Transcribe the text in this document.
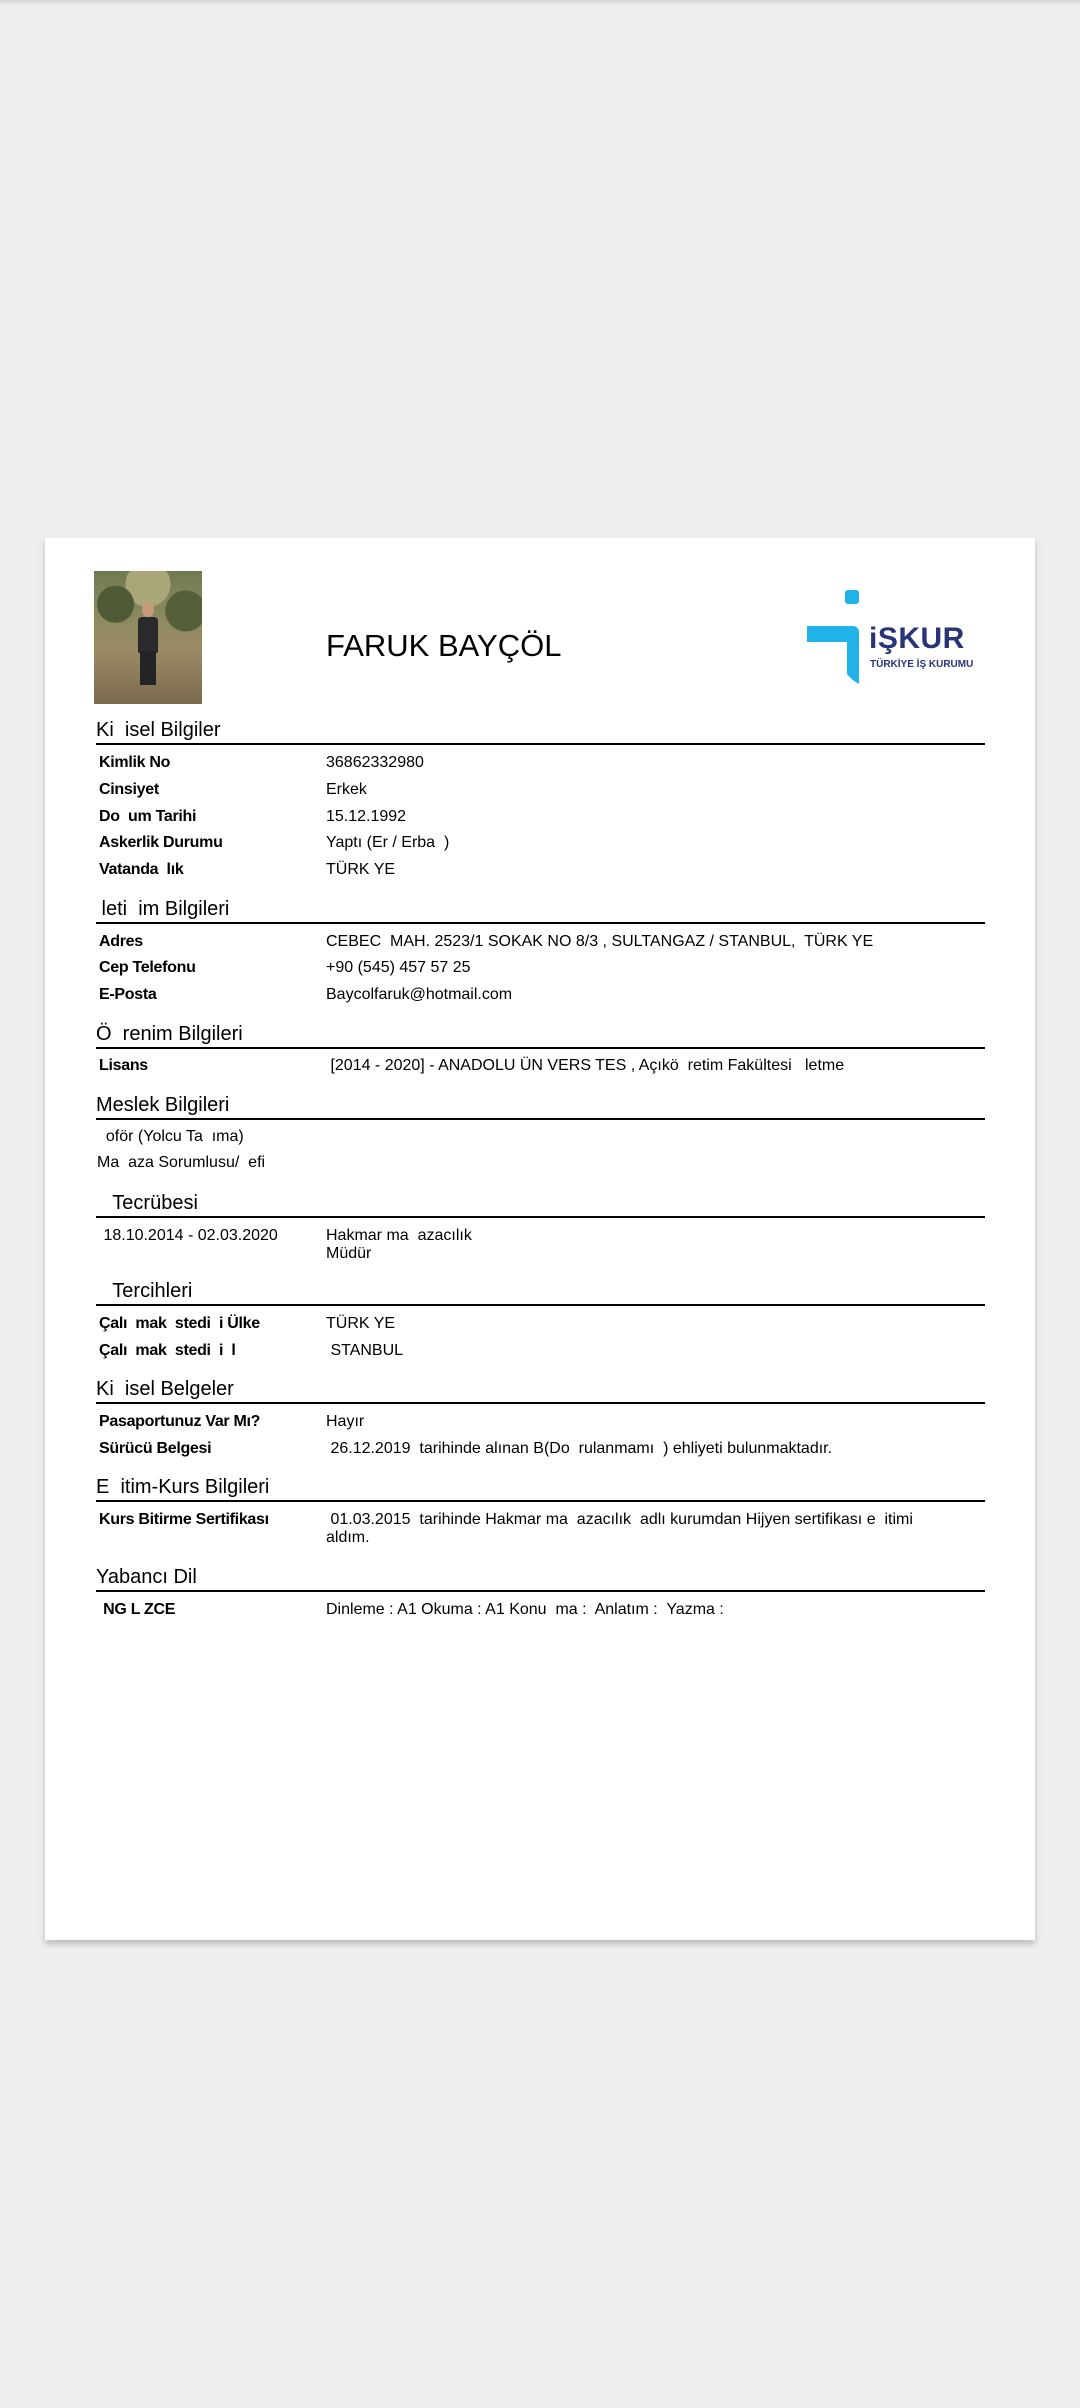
FARUK BAYÇÖL	iŞKUR
TÜRKİYE İŞ KURUMU
Ki  isel Bilgiler
Kimlik No	36862332980
Cinsiyet	Erkek
Do  um Tarihi	15.12.1992
Askerlik Durumu	Yaptı (Er / Erba  )
Vatanda  lık	TÜRK YE
leti  im Bilgileri
Adres	CEBEC  MAH. 2523/1 SOKAK NO 8/3 , SULTANGAZ / STANBUL,  TÜRK YE
Cep Telefonu	+90 (545) 457 57 25
E-Posta	Baycolfaruk@hotmail.com
Ö  renim Bilgileri
Lisans	[2014 - 2020] - ANADOLU ÜN VERS TES , Açıkö  retim Fakültesi   letme
Meslek Bilgileri
oför (Yolcu Ta  ıma)
Ma  aza Sorumlusu/  efi
Tecrübesi
18.10.2014 - 02.03.2020	Hakmar ma  azacılık
Müdür
Tercihleri
Çalı  mak  stedi  i Ülke	TÜRK YE
Çalı  mak  stedi  i  l	STANBUL
Ki  isel Belgeler
Pasaportunuz Var Mı?	Hayır
Sürücü Belgesi	26.12.2019  tarihinde alınan B(Do  rulanmamı  ) ehliyeti bulunmaktadır.
E  itim-Kurs Bilgileri
Kurs Bitirme Sertifikası	01.03.2015  tarihinde Hakmar ma  azacılık  adlı kurumdan Hijyen sertifikası e  itimi
aldım.
Yabancı Dil
NG L ZCE	Dinleme : A1 Okuma : A1 Konu  ma :  Anlatım :  Yazma :
